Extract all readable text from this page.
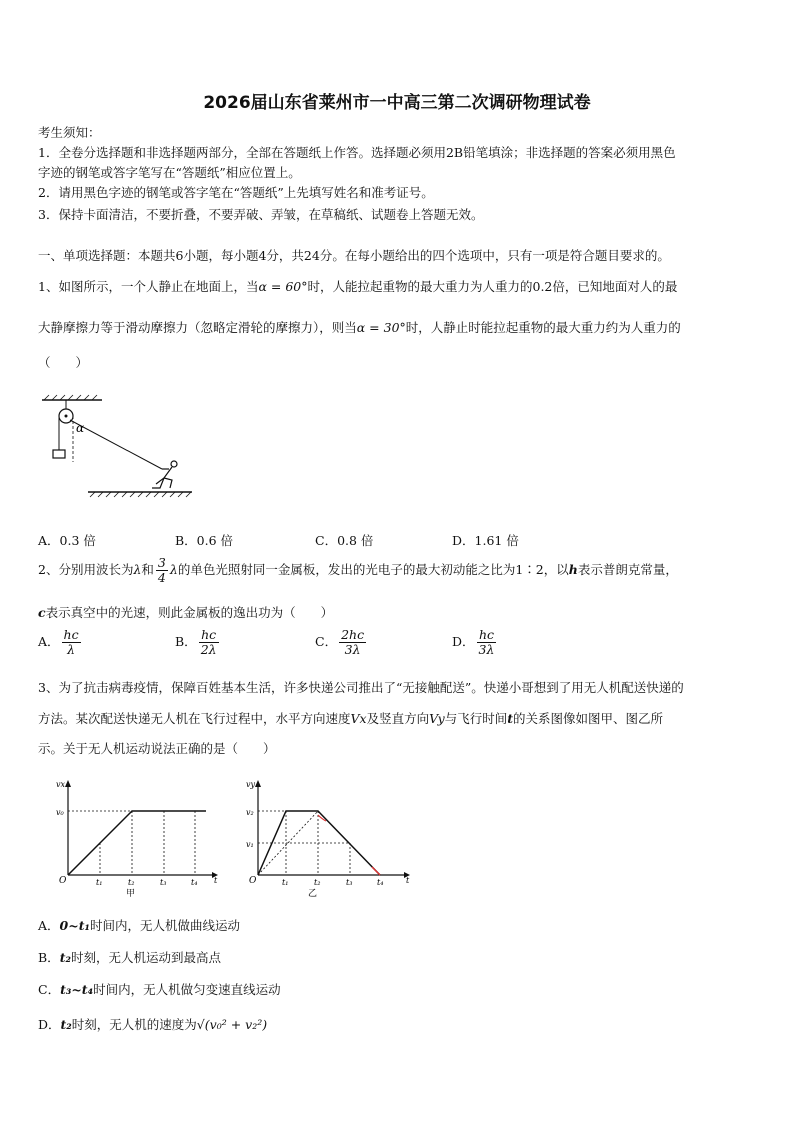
2026届山东省莱州市一中高三第二次调研物理试卷
考生须知：
1．全卷分选择题和非选择题两部分，全部在答题纸上作答。选择题必须用2B铅笔填涂；非选择题的答案必须用黑色
字迹的钢笔或答字笔写在“答题纸”相应位置上。
2．请用黑色字迹的钢笔或答字笔在“答题纸”上先填写姓名和准考证号。
3．保持卡面清洁，不要折叠，不要弄破、弄皱，在草稿纸、试题卷上答题无效。
一、单项选择题：本题共6小题，每小题4分，共24分。在每小题给出的四个选项中，只有一项是符合题目要求的。
1、如图所示，一个人静止在地面上，当α = 60°时，人能拉起重物的最大重力为人重力的0.2倍，已知地面对人的最
大静摩擦力等于滑动摩擦力（忽略定滑轮的摩擦力），则当α = 30°时，人静止时能拉起重物的最大重力约为人重力的
（　　）
α
A．0.3 倍	B．0.6 倍	C．0.8 倍	D．1.61 倍
2、分别用波长为λ和 $\frac{3}{4}$ λ的单色光照射同一金属板，发出的光电子的最大初动能之比为1∶2，以h表示普朗克常量，
c表示真空中的光速，则此金属板的逸出功为（　　）
A． $\frac{hc}{\lambda}$	B． $\frac{hc}{2\lambda}$	C． $\frac{2hc}{3\lambda}$	D． $\frac{hc}{3\lambda}$
3、为了抗击病毒疫情，保障百姓基本生活，许多快递公司推出了“无接触配送”。快递小哥想到了用无人机配送快递的
方法。某次配送快递无人机在飞行过程中，水平方向速度Vx及竖直方向Vy与飞行时间t的关系图像如图甲、图乙所
示。关于无人机运动说法正确的是（　　）
vx
v₀
O	t
t₁	t₂	t₃	t₄
甲
vy
v₂
v₁
O	t
t₁	t₂	t₃	t₄
乙
A．0~t₁时间内，无人机做曲线运动
B．t₂时刻，无人机运动到最高点
C．t₃~t₄时间内，无人机做匀变速直线运动
D．t₂时刻，无人机的速度为√(v₀² + v₂²)
